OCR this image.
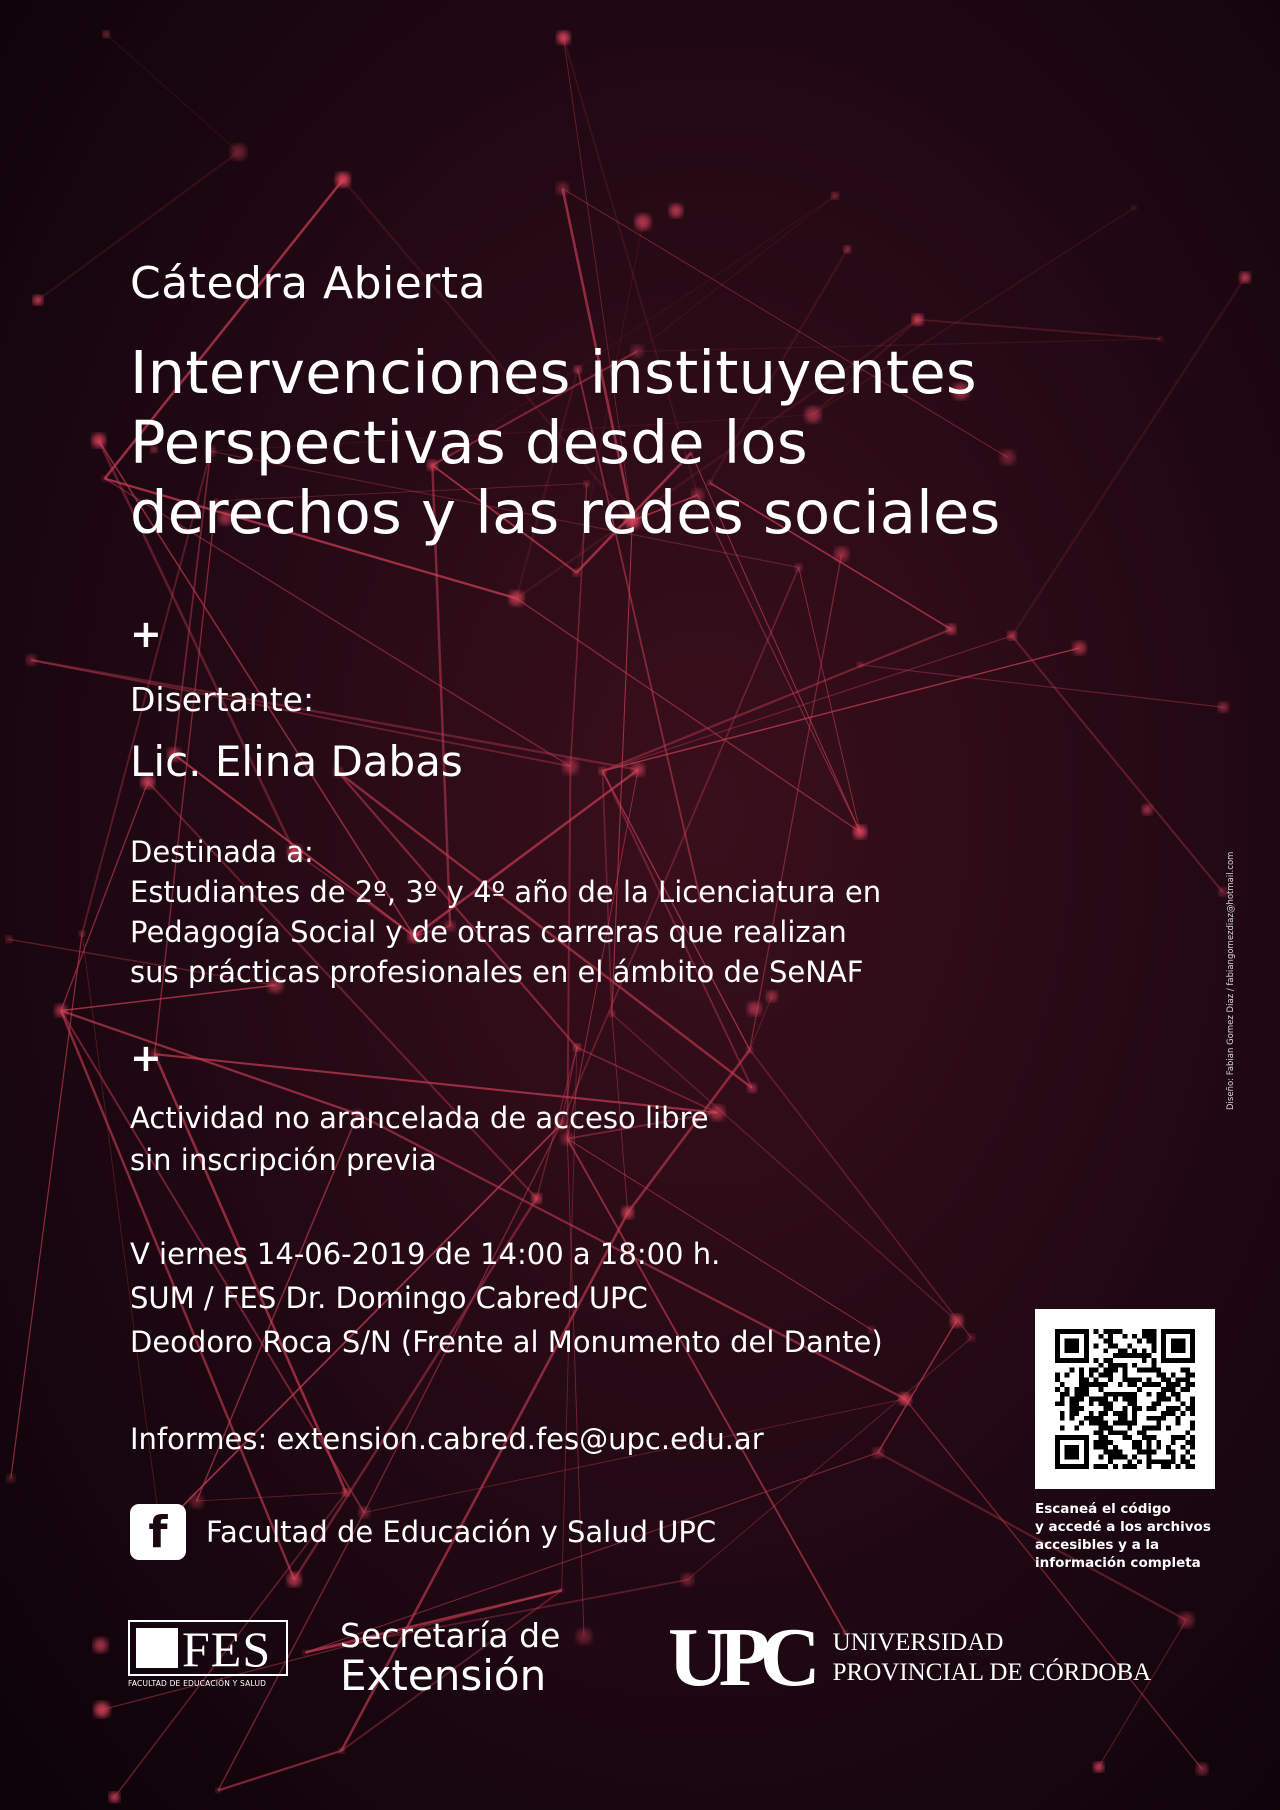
Cátedra Abierta
Intervenciones instituyentes
Perspectivas desde los
derechos y las redes sociales
+
Disertante:
Lic. Elina Dabas
Destinada a:
Estudiantes de 2º, 3º y 4º año de la Licenciatura en
Pedagogía Social y de otras carreras que realizan
sus prácticas profesionales en el ámbito de SeNAF
+
Actividad no arancelada de acceso libre
sin inscripción previa
V iernes 14-06-2019 de 14:00 a 18:00 h.
SUM / FES Dr. Domingo Cabred UPC
Deodoro Roca S/N (Frente al Monumento del Dante)
Informes: extension.cabred.fes@upc.edu.ar
f	Facultad de Educación y Salud UPC
Escaneá el código
y accedé a los archivos
accesibles y a la
información completa
Diseño: Fabian Gomez Diaz / fabiangomezdiaz@hotmail.com
FES
FACULTAD DE EDUCACIÓN Y SALUD
Secretaría de
Extensión UPC UNIVERSIDAD
PROVINCIAL DE CÓRDOBA
